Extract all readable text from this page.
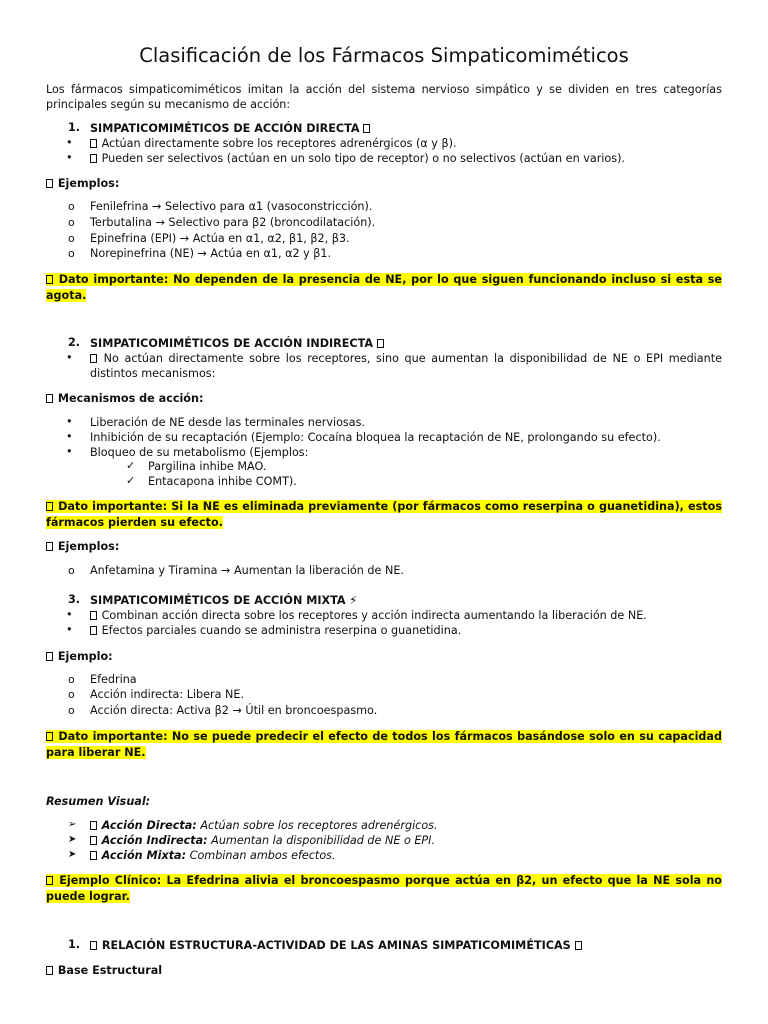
Clasificación de los Fármacos Simpaticomiméticos
Los fármacos simpaticomiméticos imitan la acción del sistema nervioso simpático y se dividen en tres categorías principales según su mecanismo de acción:
1. SIMPATICOMIMÉTICOS DE ACCIÓN DIRECTA
•	Actúan directamente sobre los receptores adrenérgicos (α y β).
•	Pueden ser selectivos (actúan en un solo tipo de receptor) o no selectivos (actúan en varios).
Ejemplos:
o Fenilefrina → Selectivo para α1 (vasoconstricción).
o Terbutalina → Selectivo para β2 (broncodilatación).
o Epinefrina (EPI) → Actúa en α1, α2, β1, β2, β3.
o Norepinefrina (NE) → Actúa en α1, α2 y β1.
Dato importante: No dependen de la presencia de NE, por lo que siguen funcionando incluso si esta se agota.
2. SIMPATICOMIMÉTICOS DE ACCIÓN INDIRECTA
•	No actúan directamente sobre los receptores, sino que aumentan la disponibilidad de NE o EPI mediante distintos mecanismos:
Mecanismos de acción:
• Liberación de NE desde las terminales nerviosas.
• Inhibición de su recaptación (Ejemplo: Cocaína bloquea la recaptación de NE, prolongando su efecto).
• Bloqueo de su metabolismo (Ejemplos:
✓ Pargilina inhibe MAO.
✓ Entacapona inhibe COMT).
Dato importante: Si la NE es eliminada previamente (por fármacos como reserpina o guanetidina), estos fármacos pierden su efecto.
Ejemplos:
o Anfetamina y Tiramina → Aumentan la liberación de NE.
3. SIMPATICOMIMÉTICOS DE ACCIÓN MIXTA ⚡
•	Combinan acción directa sobre los receptores y acción indirecta aumentando la liberación de NE.
•	Efectos parciales cuando se administra reserpina o guanetidina.
Ejemplo:
o Efedrina
o Acción indirecta: Libera NE.
o Acción directa: Activa β2 → Útil en broncoespasmo.
Dato importante: No se puede predecir el efecto de todos los fármacos basándose solo en su capacidad para liberar NE.
Resumen Visual:
➢	Acción Directa: Actúan sobre los receptores adrenérgicos.
➤	Acción Indirecta: Aumentan la disponibilidad de NE o EPI.
➤	Acción Mixta: Combinan ambos efectos.
Ejemplo Clínico: La Efedrina alivia el broncoespasmo porque actúa en β2, un efecto que la NE sola no puede lograr.
1.	RELACIÓN ESTRUCTURA-ACTIVIDAD DE LAS AMINAS SIMPATICOMIMÉTICAS
Base Estructural
